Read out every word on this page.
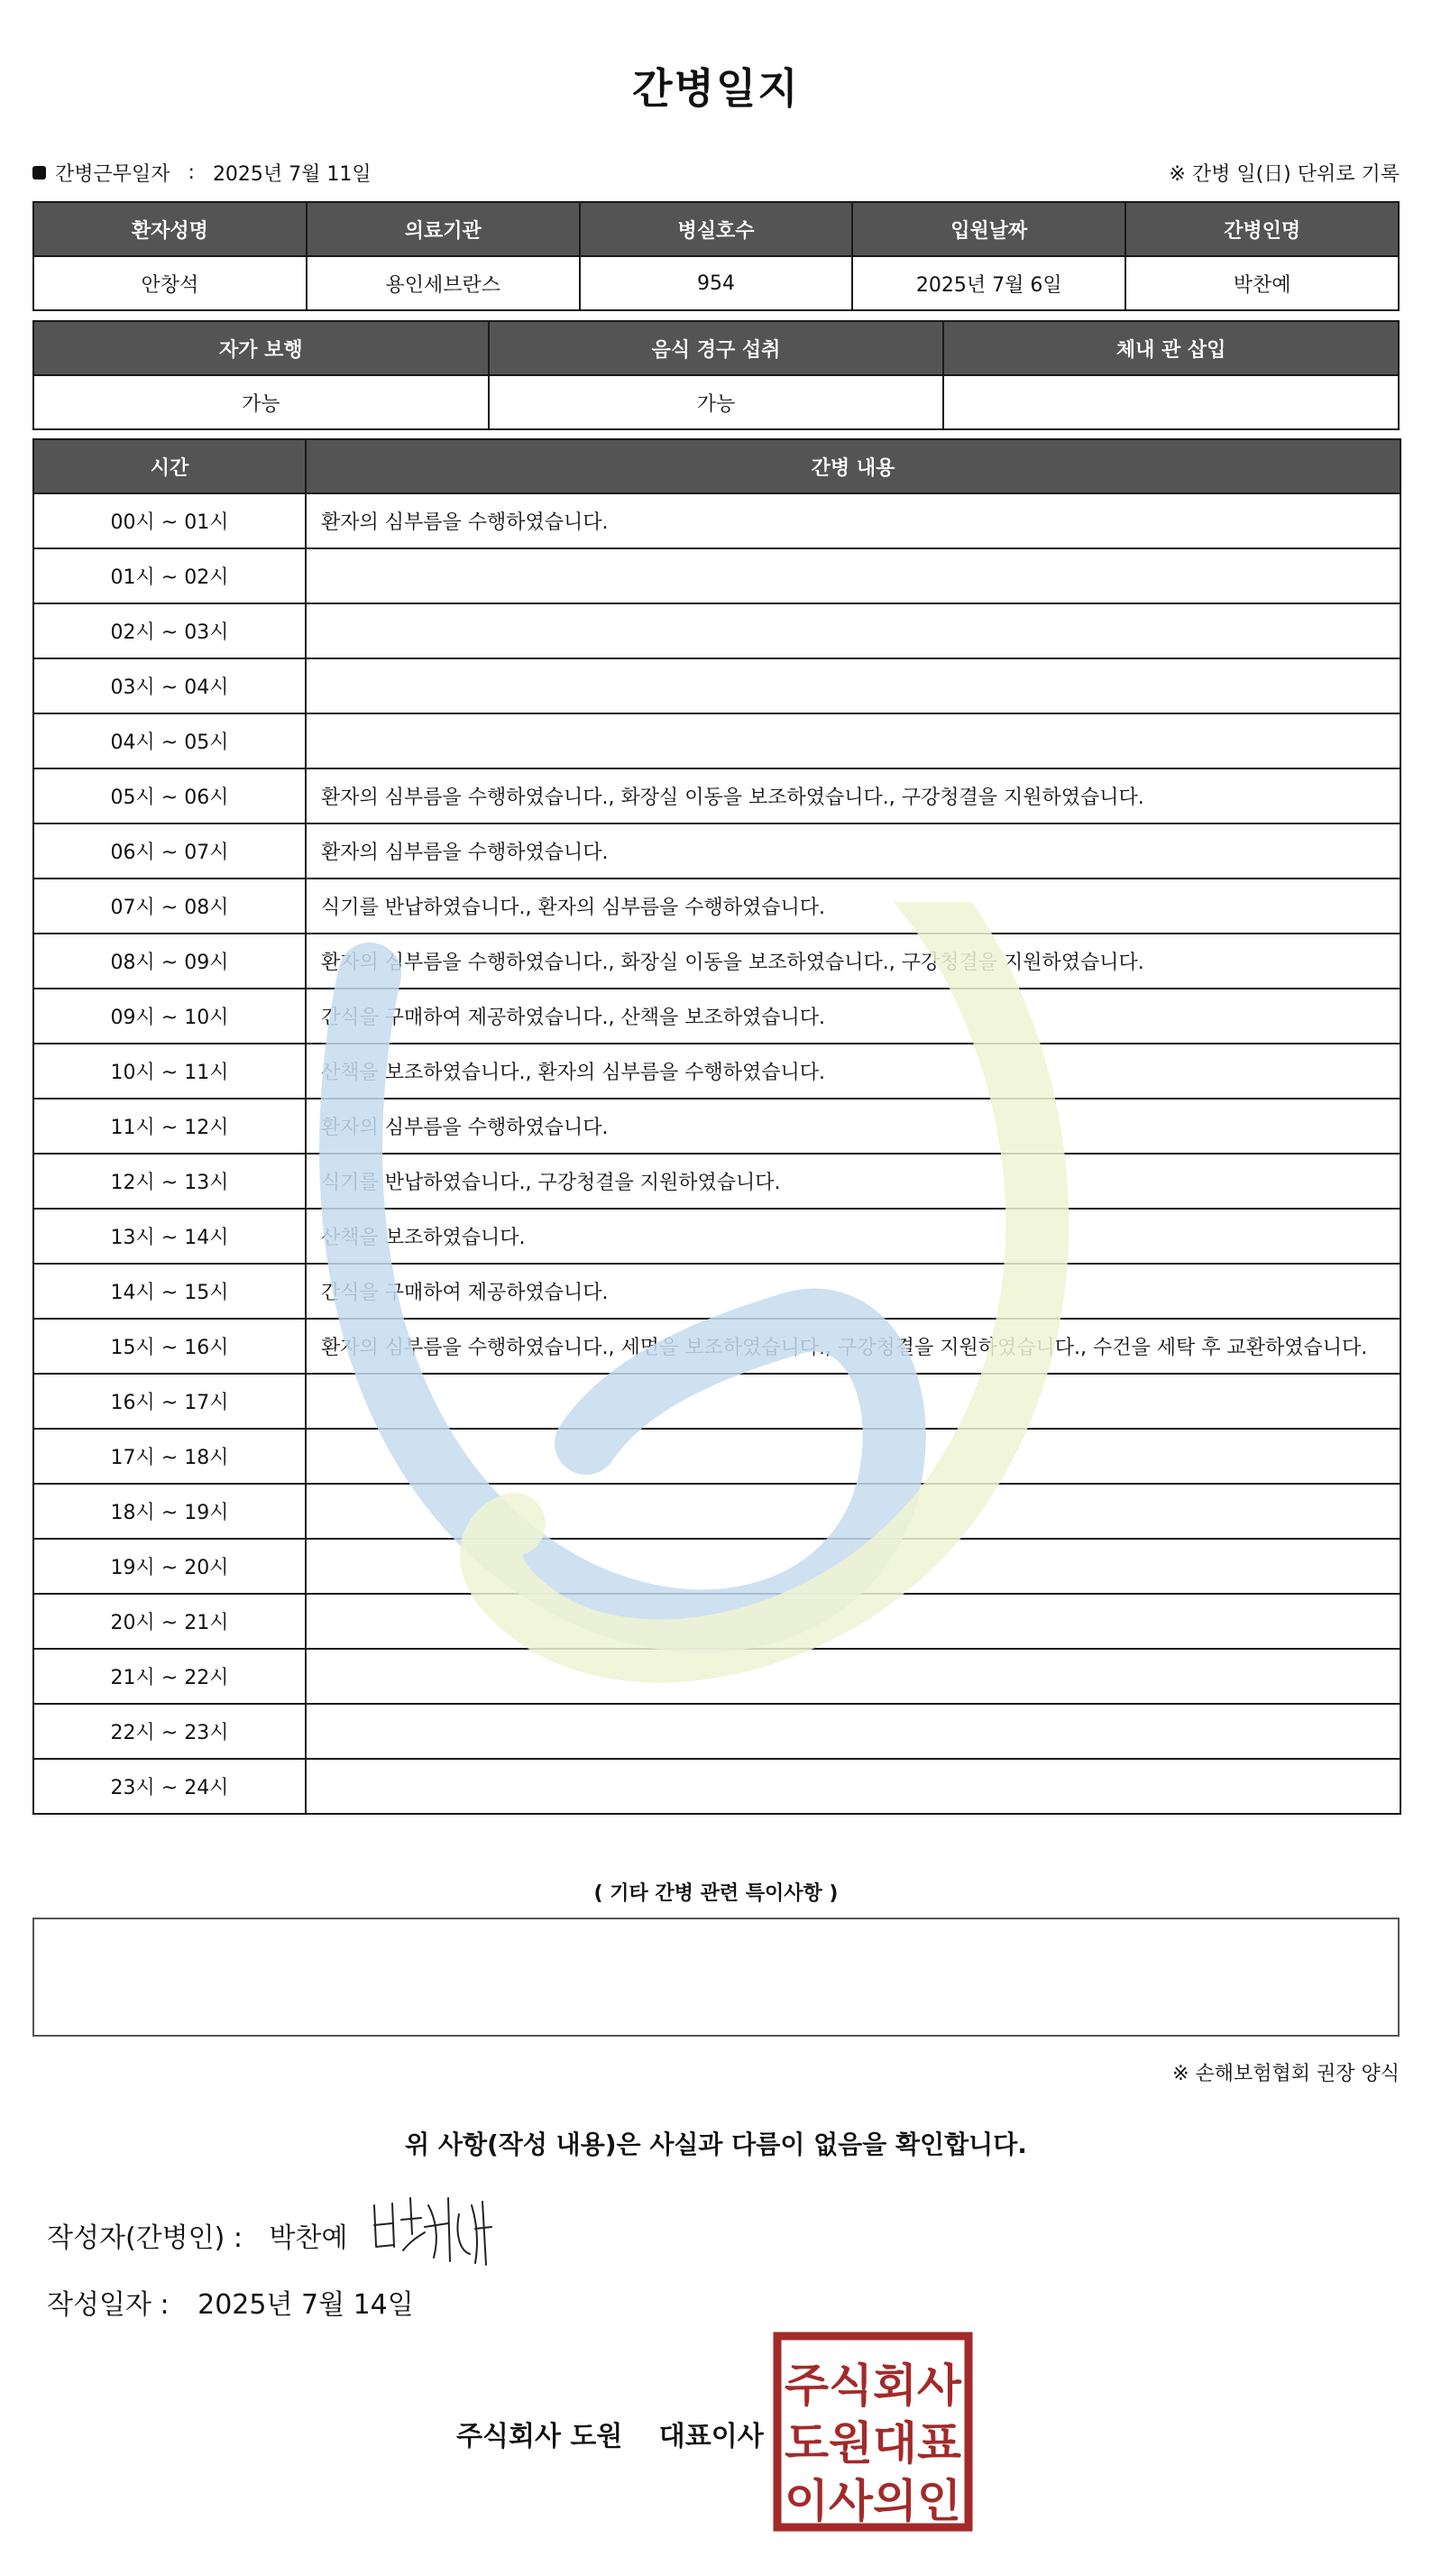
간병일지
간병근무일자 : 2025년 7월 11일	※ 간병 일(日) 단위로 기록
환자성명	의료기관	병실호수	입원날짜	간병인명
안창석	용인세브란스	954	2025년 7월 6일	박찬예
자가 보행	음식 경구 섭취	체내 관 삽입
가능	가능	
시간	간병 내용
00시 ~ 01시	환자의 심부름을 수행하였습니다.
01시 ~ 02시	
02시 ~ 03시	
03시 ~ 04시	
04시 ~ 05시	
05시 ~ 06시	환자의 심부름을 수행하였습니다., 화장실 이동을 보조하였습니다., 구강청결을 지원하였습니다.
06시 ~ 07시	환자의 심부름을 수행하였습니다.
07시 ~ 08시	식기를 반납하였습니다., 환자의 심부름을 수행하였습니다.
08시 ~ 09시	환자의 심부름을 수행하였습니다., 화장실 이동을 보조하였습니다., 구강청결을 지원하였습니다.
09시 ~ 10시	간식을 구매하여 제공하였습니다., 산책을 보조하였습니다.
10시 ~ 11시	산책을 보조하였습니다., 환자의 심부름을 수행하였습니다.
11시 ~ 12시	환자의 심부름을 수행하였습니다.
12시 ~ 13시	식기를 반납하였습니다., 구강청결을 지원하였습니다.
13시 ~ 14시	산책을 보조하였습니다.
14시 ~ 15시	간식을 구매하여 제공하였습니다.
15시 ~ 16시	환자의 심부름을 수행하였습니다., 세면을 보조하였습니다., 구강청결을 지원하였습니다., 수건을 세탁 후 교환하였습니다.
16시 ~ 17시	
17시 ~ 18시	
18시 ~ 19시	
19시 ~ 20시	
20시 ~ 21시	
21시 ~ 22시	
22시 ~ 23시	
23시 ~ 24시	
( 기타 간병 관련 특이사항 )
※ 손해보험협회 권장 양식
위 사항(작성 내용)은 사실과 다름이 없음을 확인합니다.
작성자(간병인) : 박찬예
작성일자 : 2025년 7월 14일
주식회사 도원 대표이사
주식회사
도원대표
이사의인
